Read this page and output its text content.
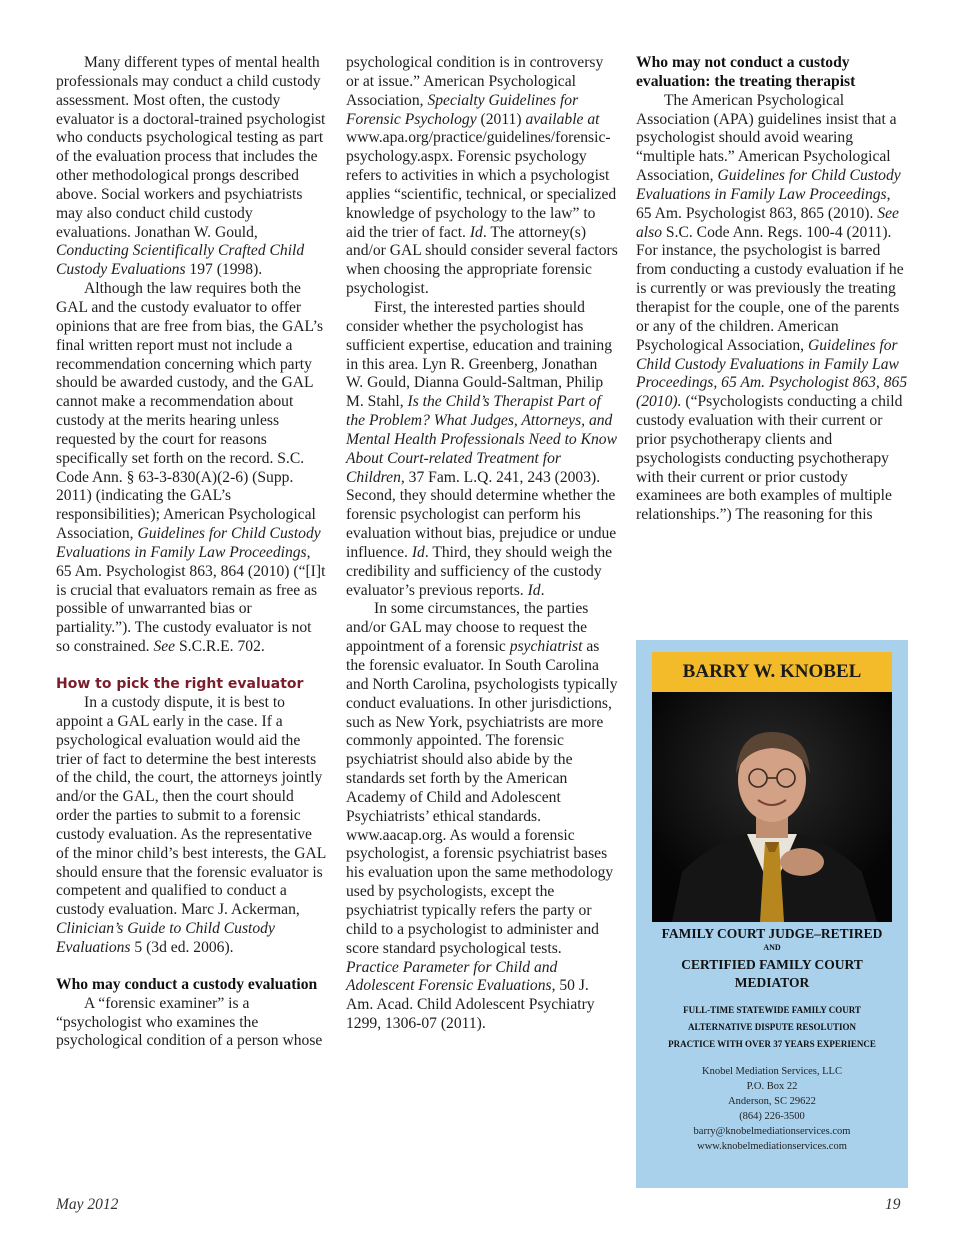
Many different types of mental health professionals may conduct a child custody assessment. Most often, the custody evaluator is a doctoral-trained psychologist who conducts psychological testing as part of the evaluation process that includes the other methodological prongs described above. Social workers and psychiatrists may also conduct child custody evaluations. Jonathan W. Gould, Conducting Scientifically Crafted Child Custody Evaluations 197 (1998).

Although the law requires both the GAL and the custody evaluator to offer opinions that are free from bias, the GAL’s final written report must not include a recommendation concerning which party should be awarded custody, and the GAL cannot make a recommendation about custody at the merits hearing unless requested by the court for reasons specifically set forth on the record. S.C. Code Ann. § 63-3-830(A)(2-6) (Supp. 2011) (indicating the GAL’s responsibilities); American Psychological Association, Guidelines for Child Custody Evaluations in Family Law Proceedings, 65 Am. Psychologist 863, 864 (2010) (“[I]t is crucial that evaluators remain as free as possible of unwarranted bias or partiality.”). The custody evaluator is not so constrained. See S.C.R.E. 702.

How to pick the right evaluator

In a custody dispute, it is best to appoint a GAL early in the case. If a psychological evaluation would aid the trier of fact to determine the best interests of the child, the court, the attorneys jointly and/or the GAL, then the court should order the parties to submit to a forensic custody evaluation. As the representative of the minor child’s best interests, the GAL should ensure that the forensic evaluator is competent and qualified to conduct a custody evaluation. Marc J. Ackerman, Clinician’s Guide to Child Custody Evaluations 5 (3d ed. 2006).

Who may conduct a custody evaluation

A “forensic examiner” is a “psychologist who examines the psychological condition of a person whose

psychological condition is in controversy or at issue.” American Psychological Association, Specialty Guidelines for Forensic Psychology (2011) available at www.apa.org/practice/guidelines/forensic-psychology.aspx. Forensic psychology refers to activities in which a psychologist applies “scientific, technical, or specialized knowledge of psychology to the law” to aid the trier of fact. Id. The attorney(s) and/or GAL should consider several factors when choosing the appropriate forensic psychologist.

First, the interested parties should consider whether the psychologist has sufficient expertise, education and training in this area. Lyn R. Greenberg, Jonathan W. Gould, Dianna Gould-Saltman, Philip M. Stahl, Is the Child’s Therapist Part of the Problem? What Judges, Attorneys, and Mental Health Professionals Need to Know About Court-related Treatment for Children, 37 Fam. L.Q. 241, 243 (2003). Second, they should determine whether the forensic psychologist can perform his evaluation without bias, prejudice or undue influence. Id. Third, they should weigh the credibility and sufficiency of the custody evaluator’s previous reports. Id.

In some circumstances, the parties and/or GAL may choose to request the appointment of a forensic psychiatrist as the forensic evaluator. In South Carolina and North Carolina, psychologists typically conduct evaluations. In other jurisdictions, such as New York, psychiatrists are more commonly appointed. The forensic psychiatrist should also abide by the standards set forth by the American Academy of Child and Adolescent Psychiatrists’ ethical standards. www.aacap.org. As would a forensic psychologist, a forensic psychiatrist bases his evaluation upon the same methodology used by psychologists, except the psychiatrist typically refers the party or child to a psychologist to administer and score standard psychological tests. Practice Parameter for Child and Adolescent Forensic Evaluations, 50 J. Am. Acad. Child Adolescent Psychiatry 1299, 1306-07 (2011).

Who may not conduct a custody evaluation: the treating therapist

The American Psychological Association (APA) guidelines insist that a psychologist should avoid wearing “multiple hats.” American Psychological Association, Guidelines for Child Custody Evaluations in Family Law Proceedings, 65 Am. Psychologist 863, 865 (2010). See also S.C. Code Ann. Regs. 100-4 (2011). For instance, the psychologist is barred from conducting a custody evaluation if he is currently or was previously the treating therapist for the couple, one of the parents or any of the children. American Psychological Association, Guidelines for Child Custody Evaluations in Family Law Proceedings, 65 Am. Psychologist 863, 865 (2010). (“Psychologists conducting a child custody evaluation with their current or prior psychotherapy clients and psychologists conducting psychotherapy with their current or prior custody examinees are both examples of multiple relationships.”) The reasoning for this

BARRY W. KNOBEL
FAMILY COURT JUDGE–RETIRED
AND
CERTIFIED FAMILY COURT
MEDIATOR
FULL-TIME STATEWIDE FAMILY COURT
ALTERNATIVE DISPUTE RESOLUTION
PRACTICE WITH OVER 37 YEARS EXPERIENCE
Knobel Mediation Services, LLC
P.O. Box 22
Anderson, SC 29622
(864) 226-3500
barry@knobelmediationservices.com
www.knobelmediationservices.com
May 2012	19
